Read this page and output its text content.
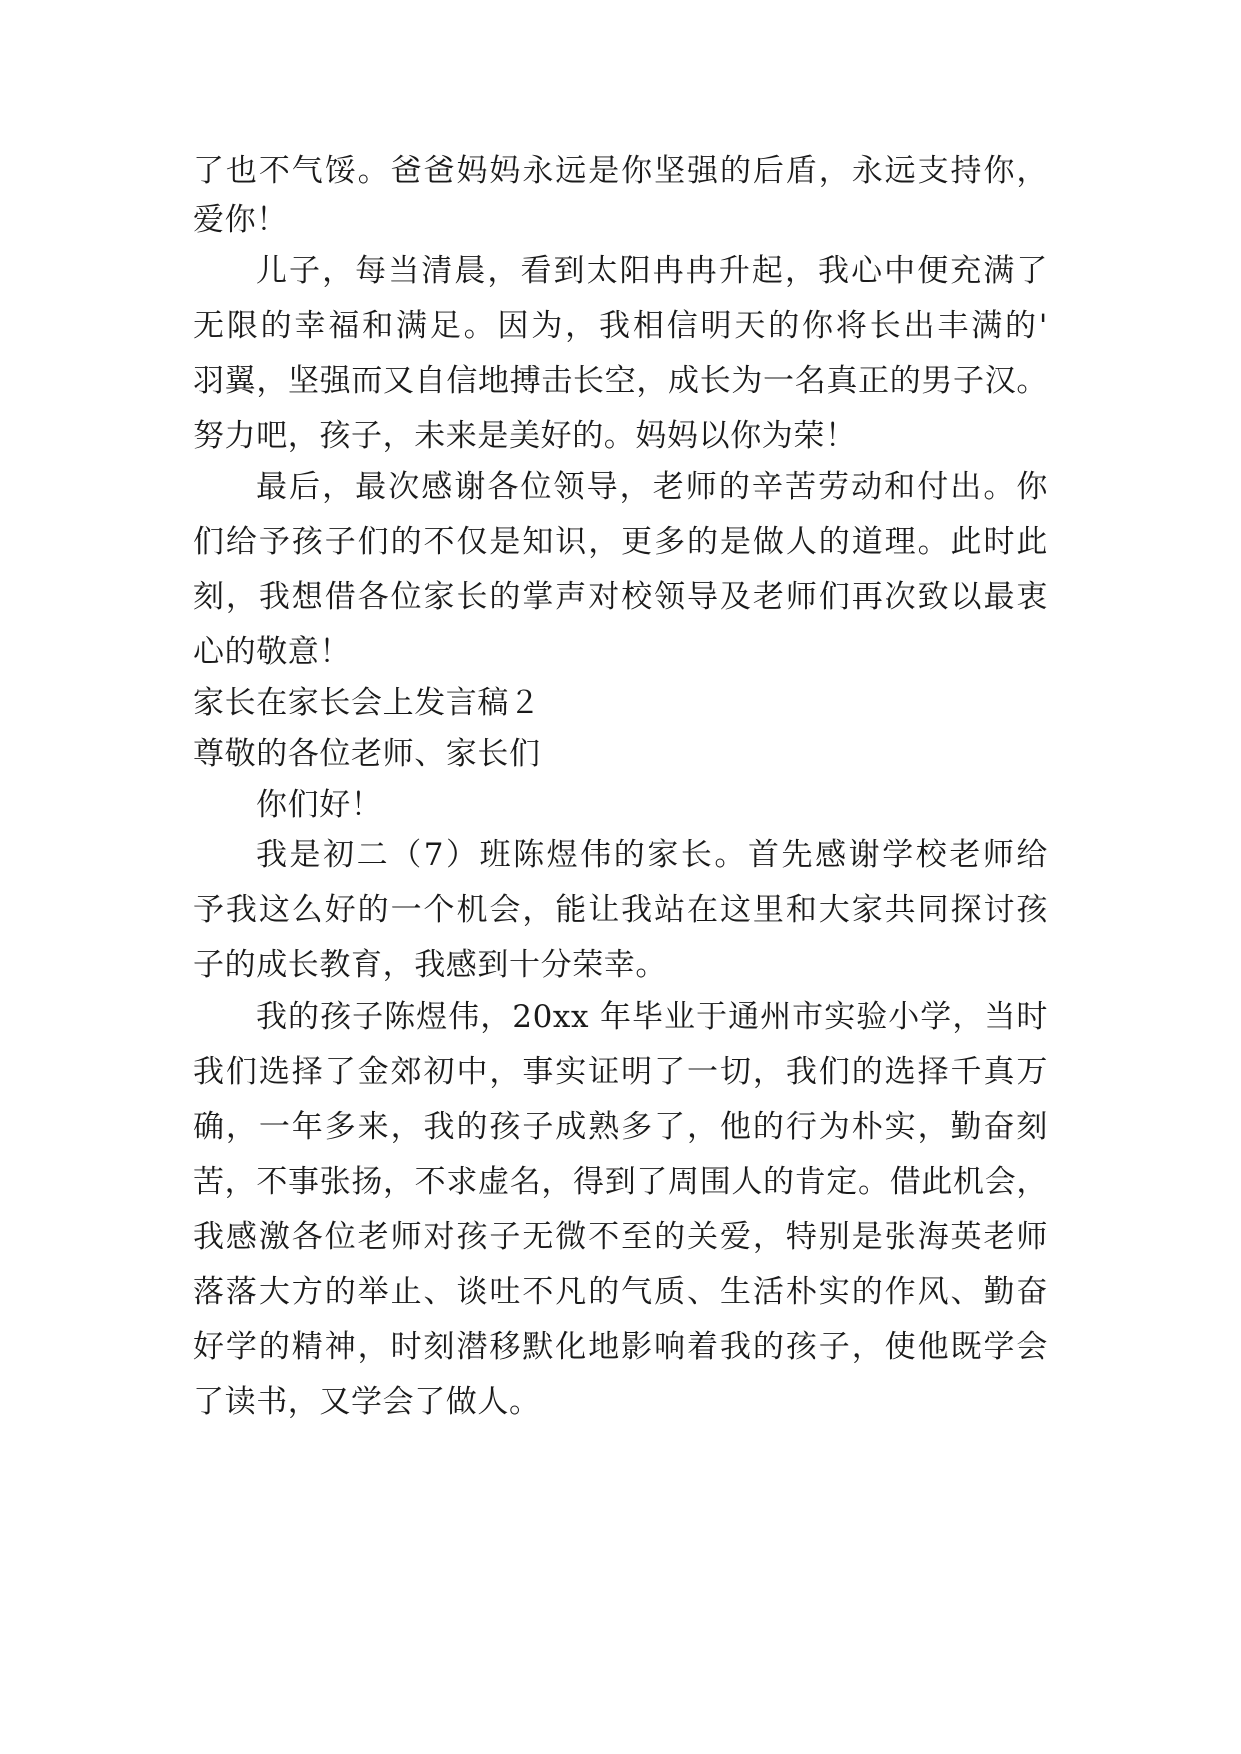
了也不气馁。爸爸妈妈永远是你坚强的后盾，永远支持你，
爱你！
儿子，每当清晨，看到太阳冉冉升起，我心中便充满了
无限的幸福和满足。因为，我相信明天的你将长出丰满的'
羽翼，坚强而又自信地搏击长空，成长为一名真正的男子汉。
努力吧，孩子，未来是美好的。妈妈以你为荣！
最后，最次感谢各位领导，老师的辛苦劳动和付出。你
们给予孩子们的不仅是知识，更多的是做人的道理。此时此
刻，我想借各位家长的掌声对校领导及老师们再次致以最衷
心的敬意！
家长在家长会上发言稿２
尊敬的各位老师、家长们
你们好！
我是初二（7）班陈煜伟的家长。首先感谢学校老师给
予我这么好的一个机会，能让我站在这里和大家共同探讨孩
子的成长教育，我感到十分荣幸。
我的孩子陈煜伟，20xx 年毕业于通州市实验小学，当时
我们选择了金郊初中，事实证明了一切，我们的选择千真万
确，一年多来，我的孩子成熟多了，他的行为朴实，勤奋刻
苦，不事张扬，不求虚名，得到了周围人的肯定。借此机会，
我感激各位老师对孩子无微不至的关爱，特别是张海英老师
落落大方的举止、谈吐不凡的气质、生活朴实的作风、勤奋
好学的精神，时刻潜移默化地影响着我的孩子，使他既学会
了读书，又学会了做人。
